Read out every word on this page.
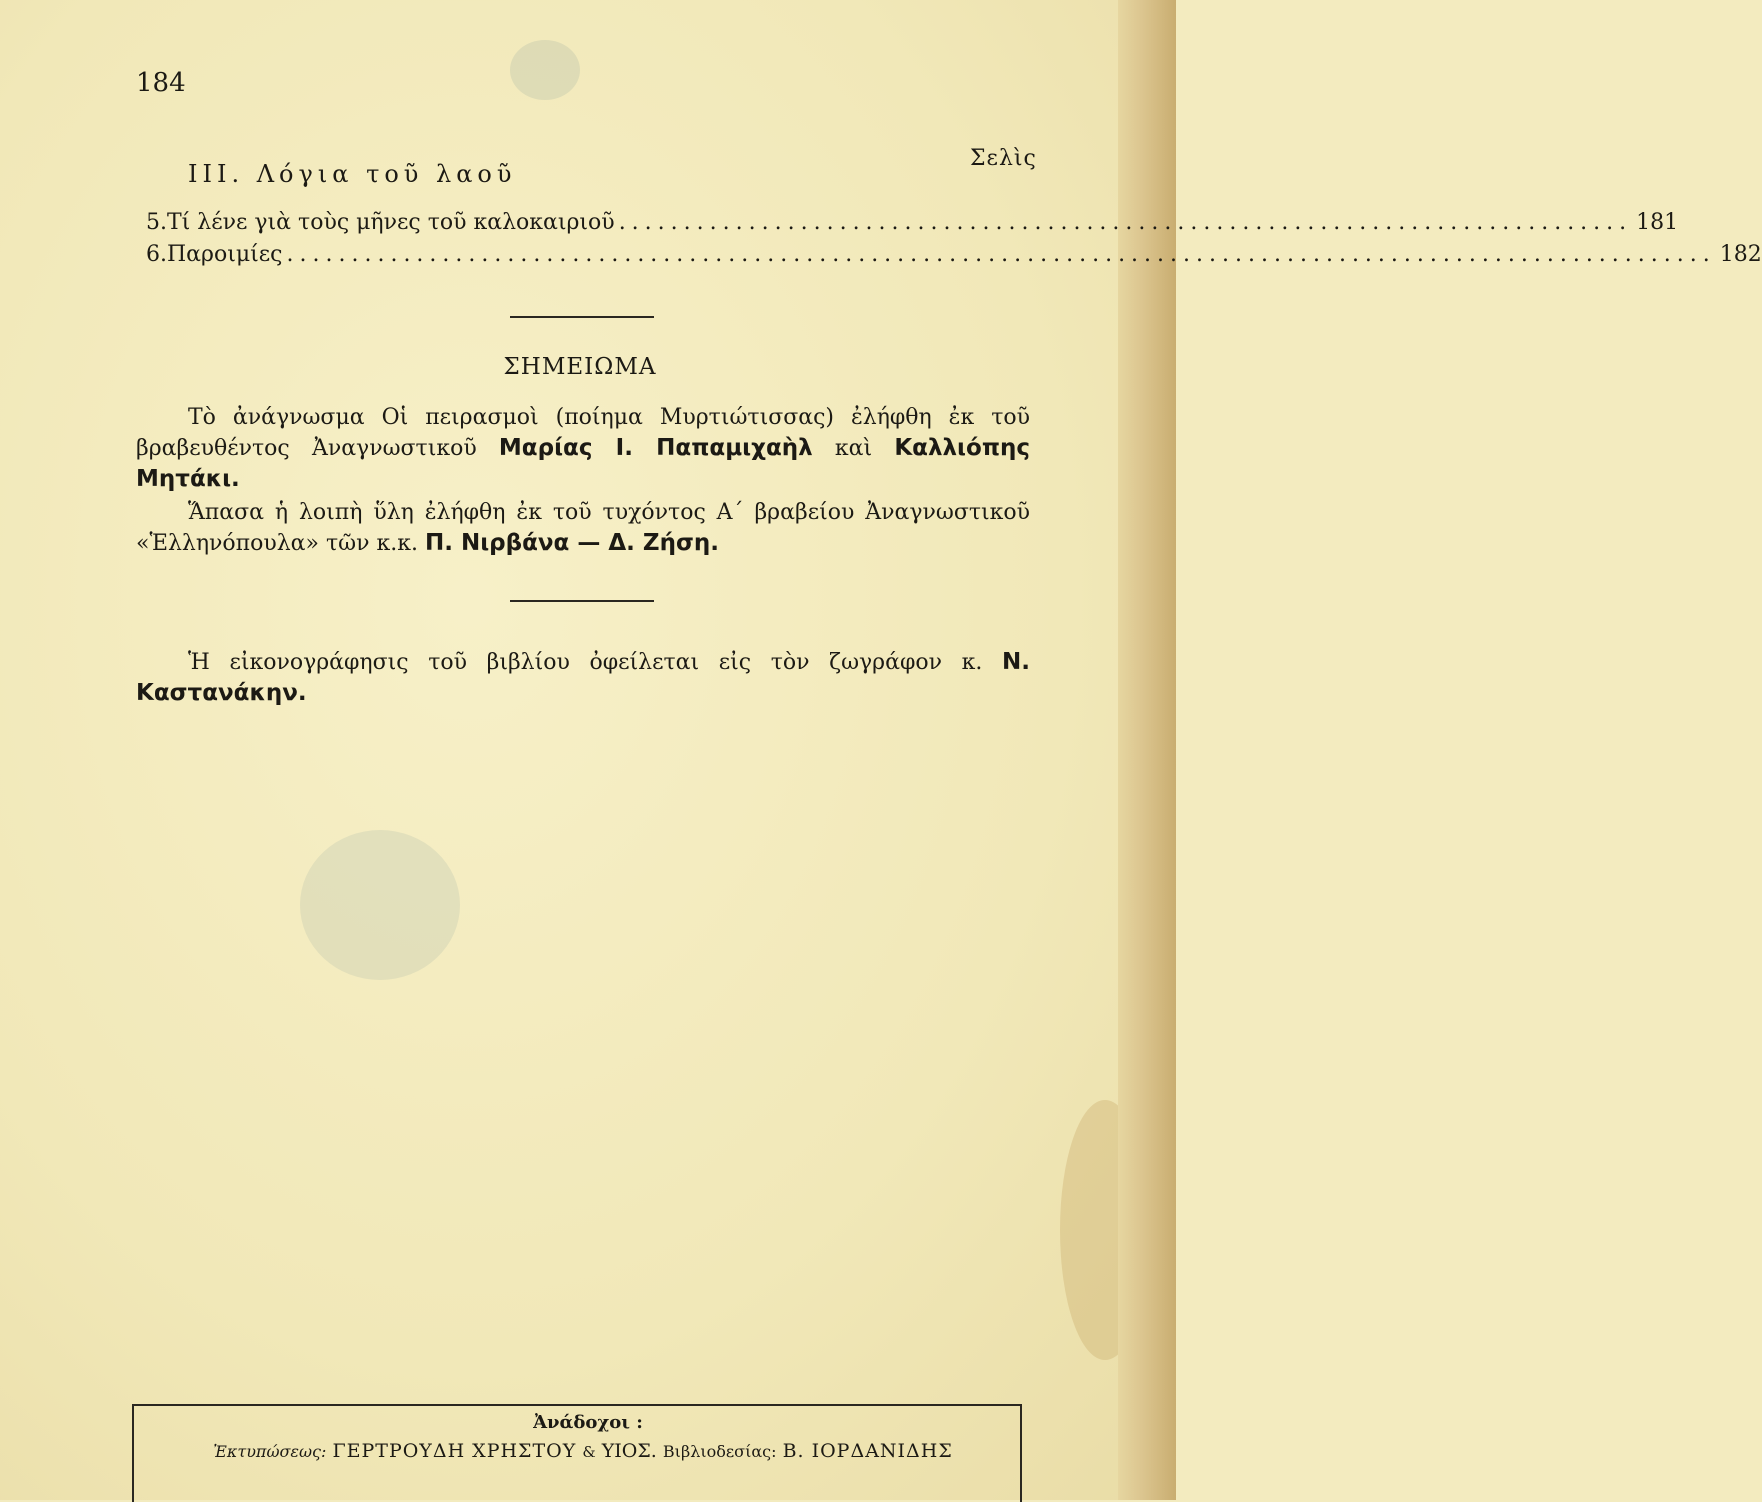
184
Σελὶς
ΙΙΙ. Λόγια τοῦ λαοῦ
5. Τί λένε γιὰ τοὺς μῆνες τοῦ καλοκαιριοῦ .............................................................................. 181
6. Παροιμίες .............................................................................................................. 182
ΣΗΜΕΙΩΜΑ
Τὸ ἀνάγνωσμα Οἱ πειρασμοὶ (ποίημα Μυρτιώτισσας) ἐλήφθη ἐκ τοῦ βραβευθέντος Ἀναγνωστικοῦ Μαρίας Ι. Παπαμιχαὴλ καὶ Καλλιόπης Μητάκι.
Ἅπασα ἡ λοιπὴ ὕλη ἐλήφθη ἐκ τοῦ τυχόντος Α΄ βραβείου Ἀναγνωστικοῦ «Ἑλληνόπουλα» τῶν κ.κ. Π. Νιρβάνα — Δ. Ζήση.
Ἡ εἰκονογράφησις τοῦ βιβλίου ὀφείλεται εἰς τὸν ζωγράφον κ. Ν. Καστανάκην.
Ἀνάδοχοι :
Ἐκτυπώσεως: ΓΕΡΤΡΟΥΔΗ ΧΡΗΣΤΟΥ & ΥΙΟΣ. Βιβλιοδεσίας: Β. ΙΟΡΔΑΝΙΔΗΣ
